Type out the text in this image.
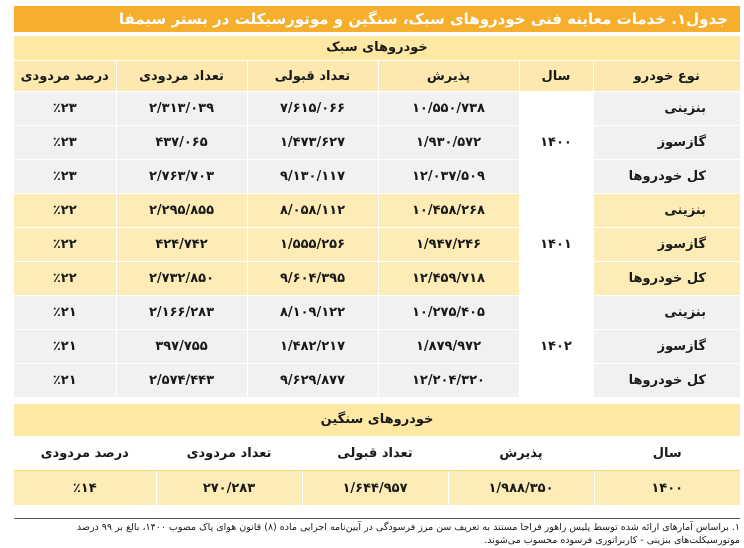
جدول۱. خدمات معاینه فنی خودروهای سبک، سنگین و موتورسیکلت در بستر سیمفا
خودروهای سبک
نوع خودرو	سال	پذیرش	تعداد قبولی	تعداد مردودی	درصد مردودی
بنزینی	۱۴۰۰	۱۰/۵۵۰/۷۳۸	۷/۶۱۵/۰۶۶	۲/۳۱۳/۰۳۹	٪۲۳
گازسوز		۱/۹۳۰/۵۷۲	۱/۴۷۳/۶۲۷	۴۳۷/۰۶۵	٪۲۳
کل خودروها		۱۲/۰۳۷/۵۰۹	۹/۱۳۰/۱۱۷	۲/۷۶۳/۷۰۳	٪۲۳
بنزینی	۱۴۰۱	۱۰/۴۵۸/۲۶۸	۸/۰۵۸/۱۱۲	۲/۲۹۵/۸۵۵	٪۲۲
گازسوز		۱/۹۴۷/۲۴۶	۱/۵۵۵/۲۵۶	۴۲۴/۷۴۲	٪۲۲
کل خودروها		۱۲/۴۵۹/۷۱۸	۹/۶۰۴/۳۹۵	۲/۷۳۲/۸۵۰	٪۲۲
بنزینی	۱۴۰۲	۱۰/۲۷۵/۴۰۵	۸/۱۰۹/۱۲۲	۲/۱۶۶/۲۸۳	٪۲۱
گازسوز		۱/۸۷۹/۹۷۲	۱/۴۸۲/۲۱۷	۳۹۷/۷۵۵	٪۲۱
کل خودروها		۱۲/۲۰۴/۳۲۰	۹/۶۲۹/۸۷۷	۲/۵۷۴/۴۴۳	٪۲۱
خودروهای سنگین
سال	پذیرش	تعداد قبولی	تعداد مردودی	درصد مردودی
۱۴۰۰	۱/۹۸۸/۳۵۰	۱/۶۴۴/۹۵۷	۲۷۰/۲۸۳	٪۱۴
۱. براساس آمارهای ارائه شده توسط پلیس راهور فراجا مستند به تعریف سن مرز فرسودگی در آیین‌نامه اجرایی ماده (۸) قانون هوای پاک مصوب ۱۴۰۰، بالغ بر ۹۹ درصد موتورسیکلت‌های بنزینی - کاربراتوری فرسوده محسوب می‌شوند.
